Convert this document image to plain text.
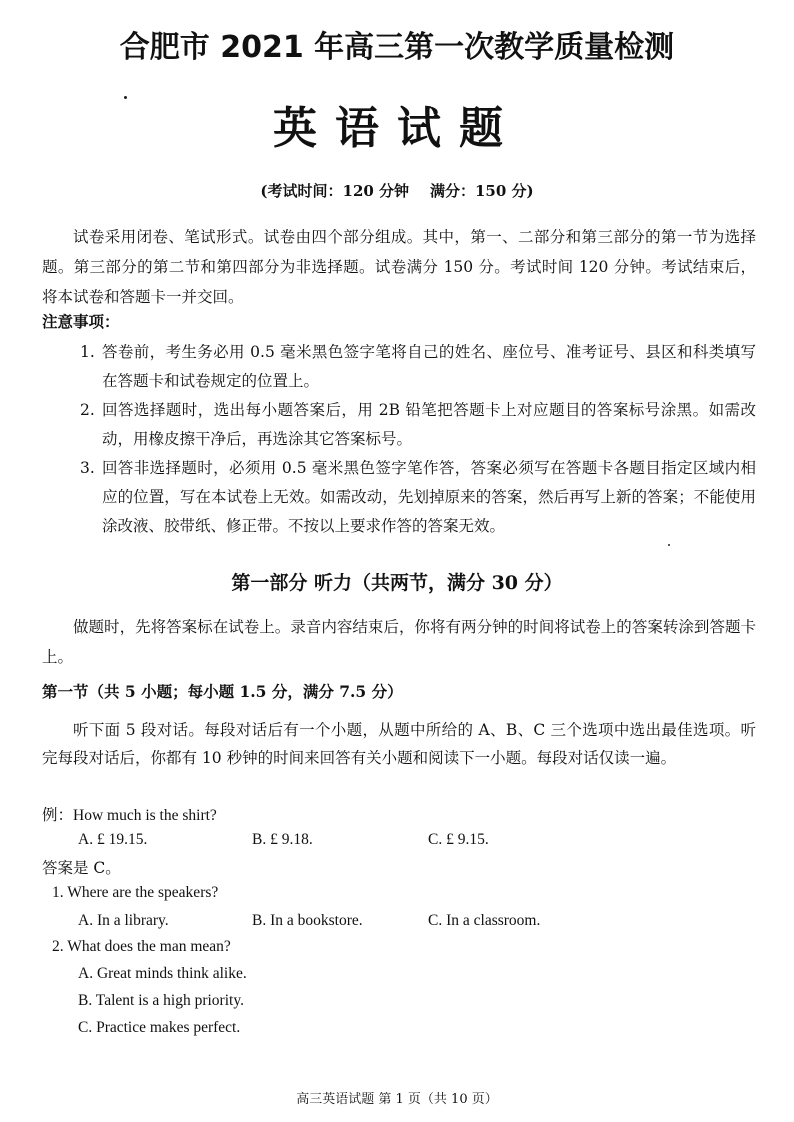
合肥市 2021 年高三第一次教学质量检测
英语试题
(考试时间：120 分钟    满分：150 分)
试卷采用闭卷、笔试形式。试卷由四个部分组成。其中，第一、二部分和第三部分的第一节为选择题。第三部分的第二节和第四部分为非选择题。试卷满分 150 分。考试时间 120 分钟。考试结束后，将本试卷和答题卡一并交回。
注意事项：
1. 答卷前，考生务必用 0.5 毫米黑色签字笔将自己的姓名、座位号、准考证号、县区和科类填写在答题卡和试卷规定的位置上。
2. 回答选择题时，选出每小题答案后，用 2B 铅笔把答题卡上对应题目的答案标号涂黑。如需改动，用橡皮擦干净后，再选涂其它答案标号。
3. 回答非选择题时，必须用 0.5 毫米黑色签字笔作答，答案必须写在答题卡各题目指定区域内相应的位置，写在本试卷上无效。如需改动，先划掉原来的答案，然后再写上新的答案；不能使用涂改液、胶带纸、修正带。不按以上要求作答的答案无效。
第一部分 听力（共两节，满分 30 分）
做题时，先将答案标在试卷上。录音内容结束后，你将有两分钟的时间将试卷上的答案转涂到答题卡上。
第一节（共 5 小题；每小题 1.5 分，满分 7.5 分）
听下面 5 段对话。每段对话后有一个小题，从题中所给的 A、B、C 三个选项中选出最佳选项。听完每段对话后，你都有 10 秒钟的时间来回答有关小题和阅读下一小题。每段对话仅读一遍。
例：How much is the shirt?
A. £ 19.15.	B. £ 9.18.	C. £ 9.15.
答案是 C。
1. Where are the speakers?
A. In a library.	B. In a bookstore.	C. In a classroom.
2. What does the man mean?
A. Great minds think alike.
B. Talent is a high priority.
C. Practice makes perfect.
高三英语试题 第 1 页（共 10 页）
